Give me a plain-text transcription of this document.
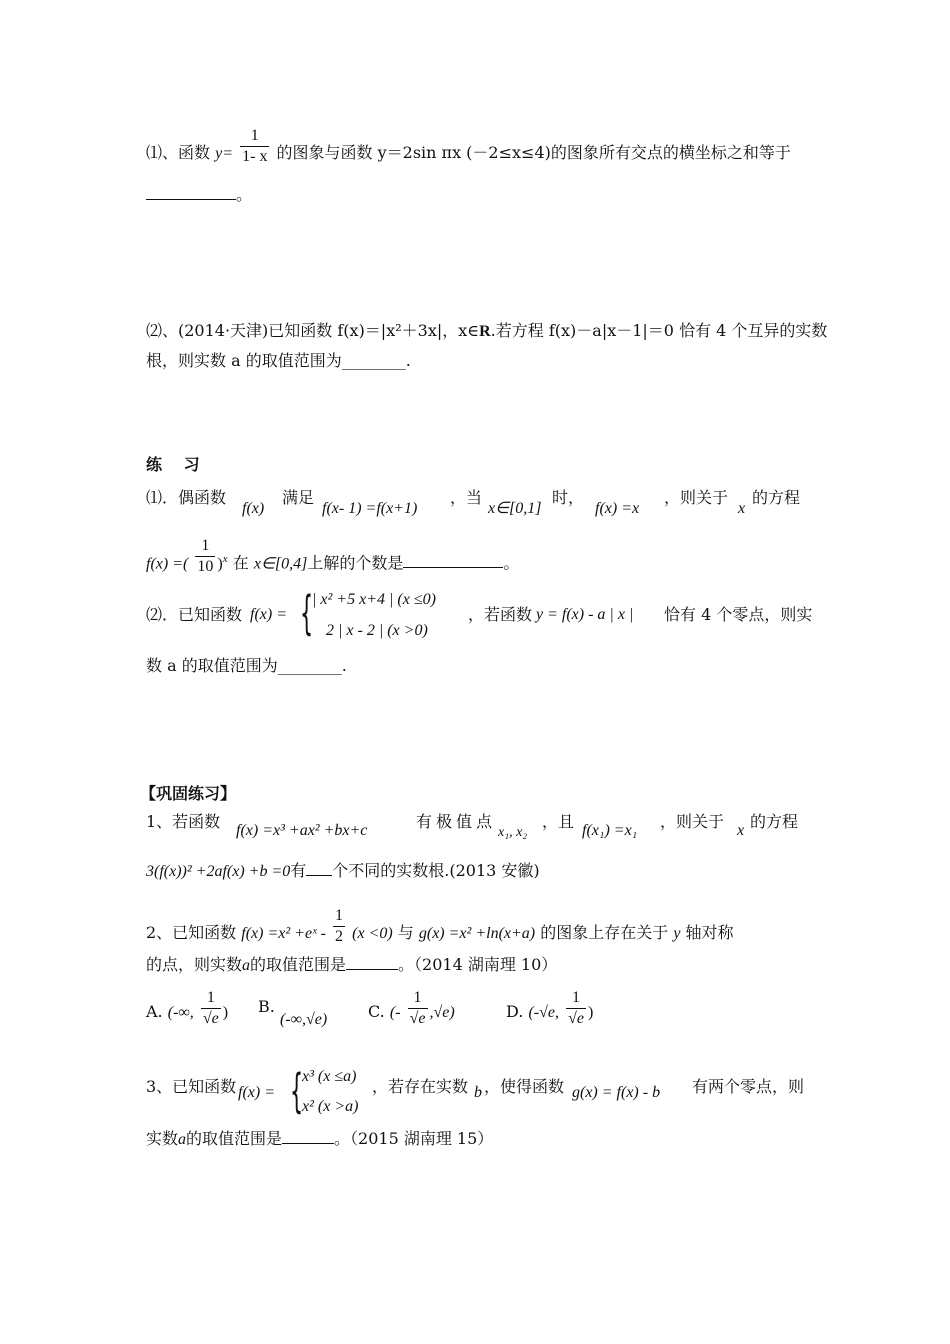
⑴、函数 $y= \frac{1}{1- x}$ 的图象与函数 y＝2sin πx (－2≤x≤4)的图象所有交点的横坐标之和等于
。
⑵、(2014·天津)已知函数 f(x)＝|x²＋3x|，x∈R.若方程 f(x)－a|x－1|＝0 恰有 4 个互异的实数
根，则实数 a 的取值范围为________.
练 习
⑴．偶函数
f(x)
满足
f(x- 1) =f(x+1)
，当
x∈[0,1]
时，
f(x) =x
，则关于
x
的方程
f(x) =( $\frac{1}{10} )^x$ 在 x∈[0,4]上解的个数是	。
⑵．已知函数 f(x) = {
| x² +5 x+4 | (x ≤0)
2 | x - 2 | (x >0)
，若函数 y = f(x) - a | x | 恰有 4 个零点，则实
数 a 的取值范围为________.
【巩固练习】
1、若函数 f(x) =x³ +ax² +bx+c	有极值点
x₁, x₂
，且 f(x₁) =x₁ ，则关于 x 的方程
3(f(x))² +2af(x) +b =0有 个不同的实数根.(2013 安徽)
2、已知函数 f(x) =x² +eˣ - $\frac{1}{2} (x <0)$ 与 g(x) =x² +ln(x+a) 的图象上存在关于 y 轴对称
的点，则实数a的取值范围是	。（2014 湖南理 10）
A. (-∞, $\frac{1}{√e}$ ) B. (-∞,√e)	C. (- $\frac{1}{√e} ,√e$)	D. (-√e, $\frac{1}{√e}$ )
3、已知函数 f(x) = {
x³ (x ≤a)
x² (x >a)
，若存在实数 b ，使得函数 g(x) = f(x) - b 有两个零点，则
实数a的取值范围是	。（2015 湖南理 15）
